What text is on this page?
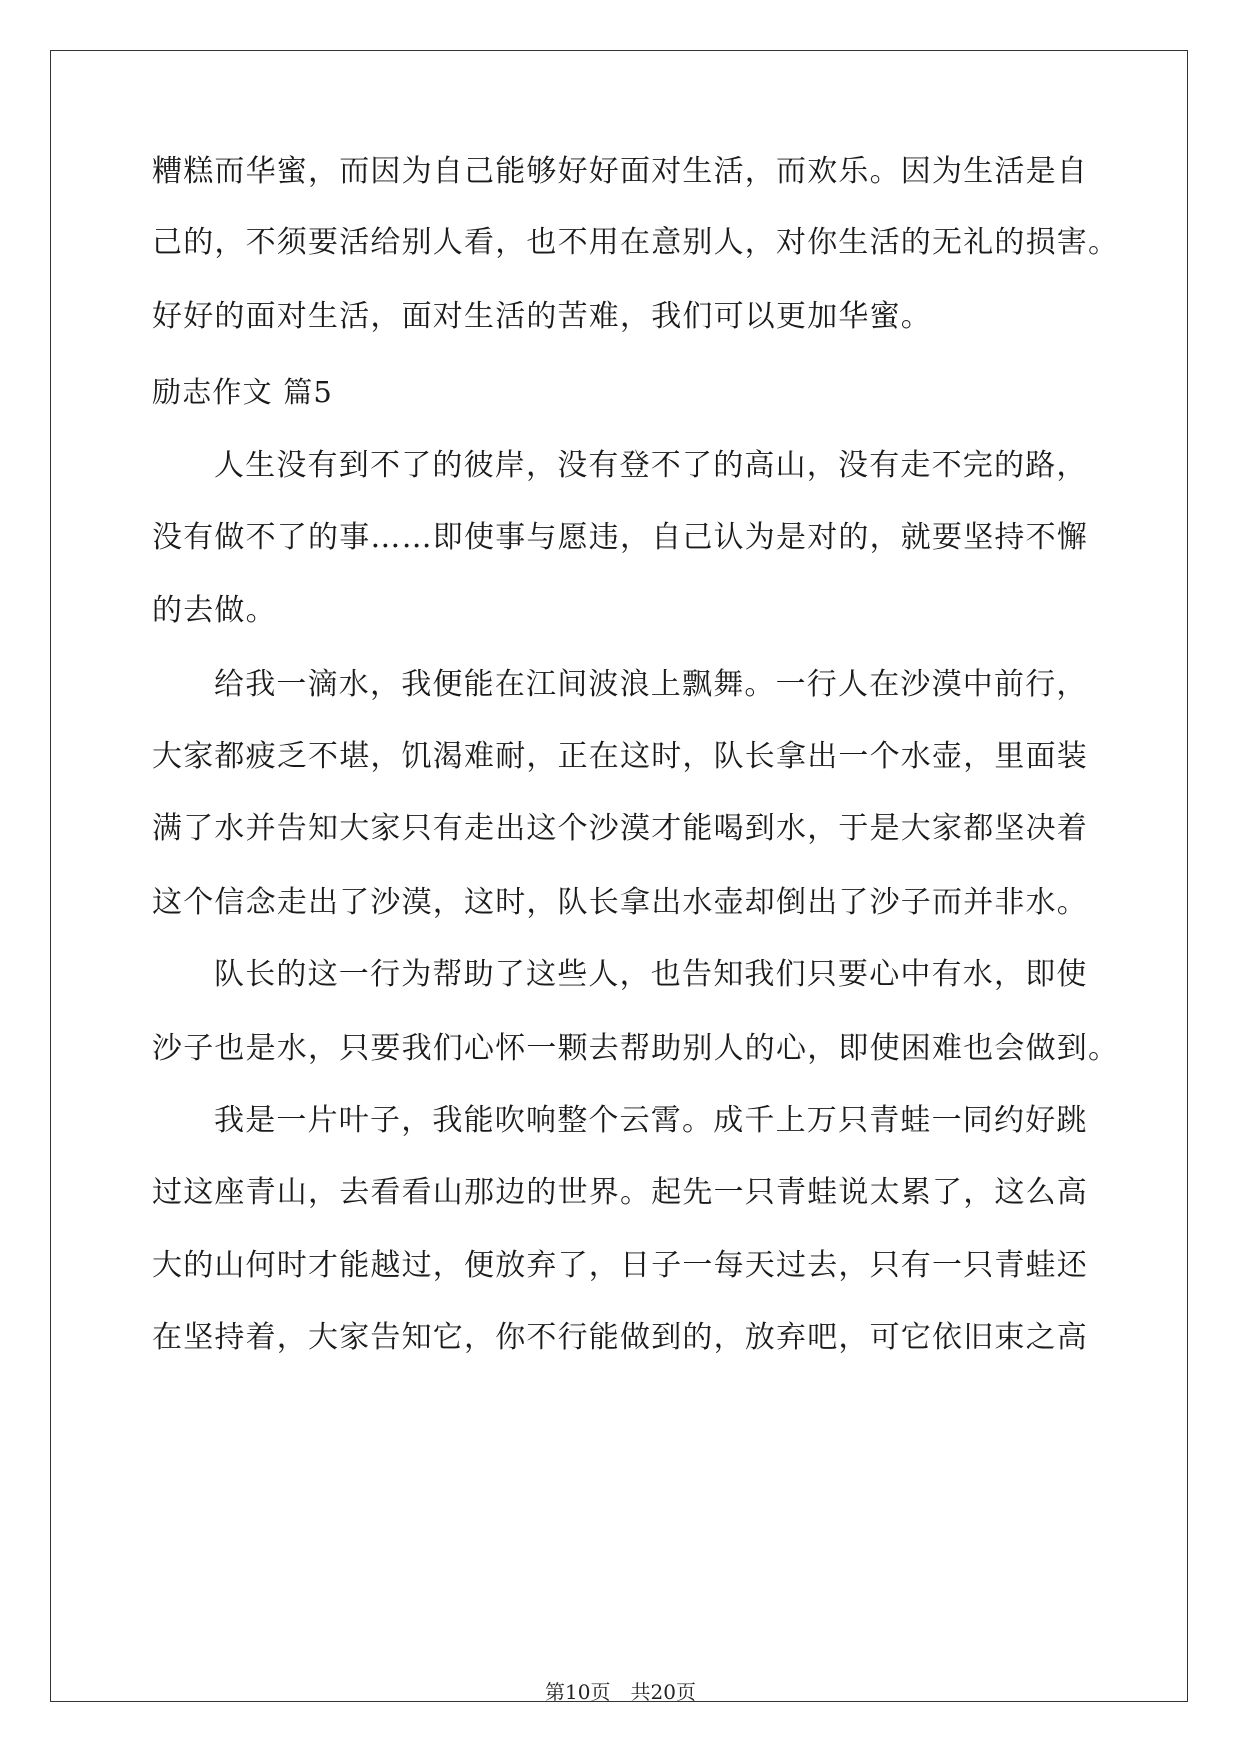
糟糕而华蜜，而因为自己能够好好面对生活，而欢乐。因为生活是自
己的，不须要活给别人看，也不用在意别人，对你生活的无礼的损害。
好好的面对生活，面对生活的苦难，我们可以更加华蜜。
励志作文 篇5
人生没有到不了的彼岸，没有登不了的高山，没有走不完的路，
没有做不了的事……即使事与愿违，自己认为是对的，就要坚持不懈
的去做。
给我一滴水，我便能在江间波浪上飘舞。一行人在沙漠中前行，
大家都疲乏不堪，饥渴难耐，正在这时，队长拿出一个水壶，里面装
满了水并告知大家只有走出这个沙漠才能喝到水，于是大家都坚决着
这个信念走出了沙漠，这时，队长拿出水壶却倒出了沙子而并非水。
队长的这一行为帮助了这些人，也告知我们只要心中有水，即使
沙子也是水，只要我们心怀一颗去帮助别人的心，即使困难也会做到。
我是一片叶子，我能吹响整个云霄。成千上万只青蛙一同约好跳
过这座青山，去看看山那边的世界。起先一只青蛙说太累了，这么高
大的山何时才能越过，便放弃了，日子一每天过去，只有一只青蛙还
在坚持着，大家告知它，你不行能做到的，放弃吧，可它依旧束之高
第10页 共20页
